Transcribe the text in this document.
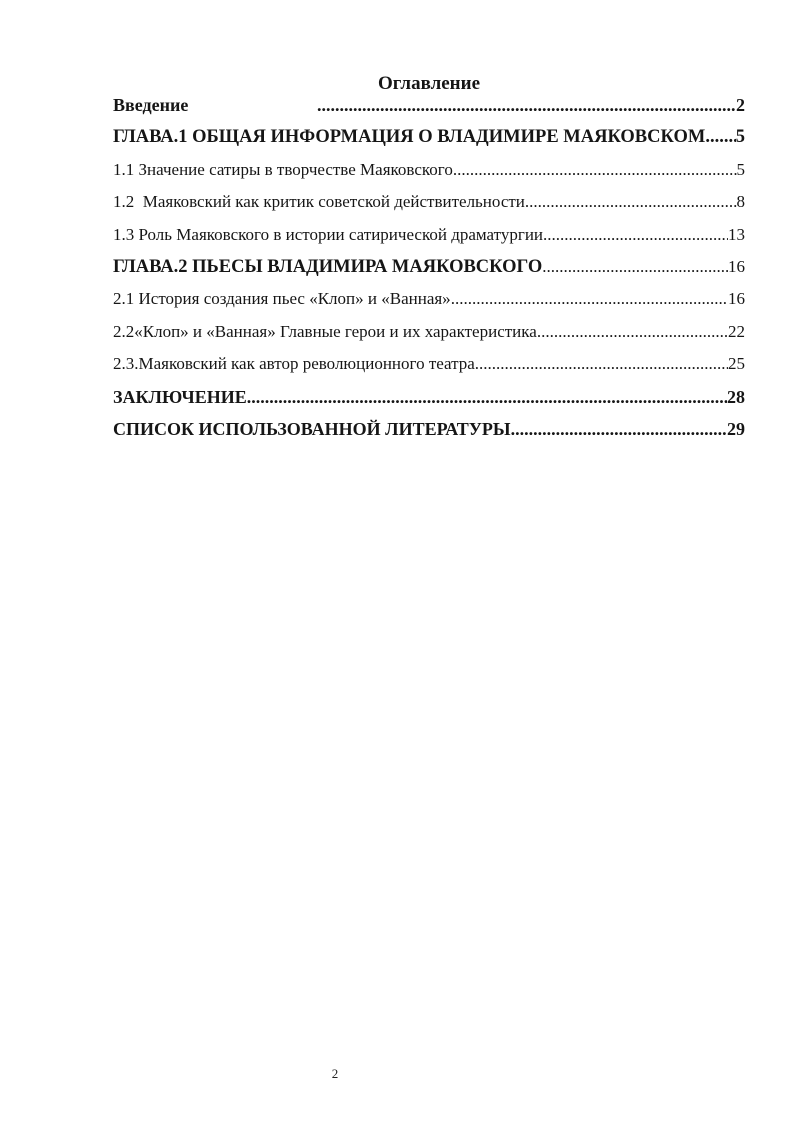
Оглавление
Введение .....	2
ГЛАВА.1 ОБЩАЯ ИНФОРМАЦИЯ О ВЛАДИМИРЕ МАЯКОВСКОМ ..... 5
1.1 Значение сатиры в творчестве Маяковского .....	5
1.2  Маяковский как критик советской действительности .....	8
1.3 Роль Маяковского в истории сатирической драматургии .....	13
ГЛАВА.2 ПЬЕСЫ ВЛАДИМИРА МАЯКОВСКОГО .....	16
2.1 История создания пьес «Клоп» и «Ванная» .....	16
2.2«Клоп» и «Ванная» Главные герои и их характеристика .....	22
2.3.Маяковский как автор революционного театра .....	25
ЗАКЛЮЧЕНИЕ .....	28
СПИСОК ИСПОЛЬЗОВАННОЙ ЛИТЕРАТУРЫ .....	29
2
